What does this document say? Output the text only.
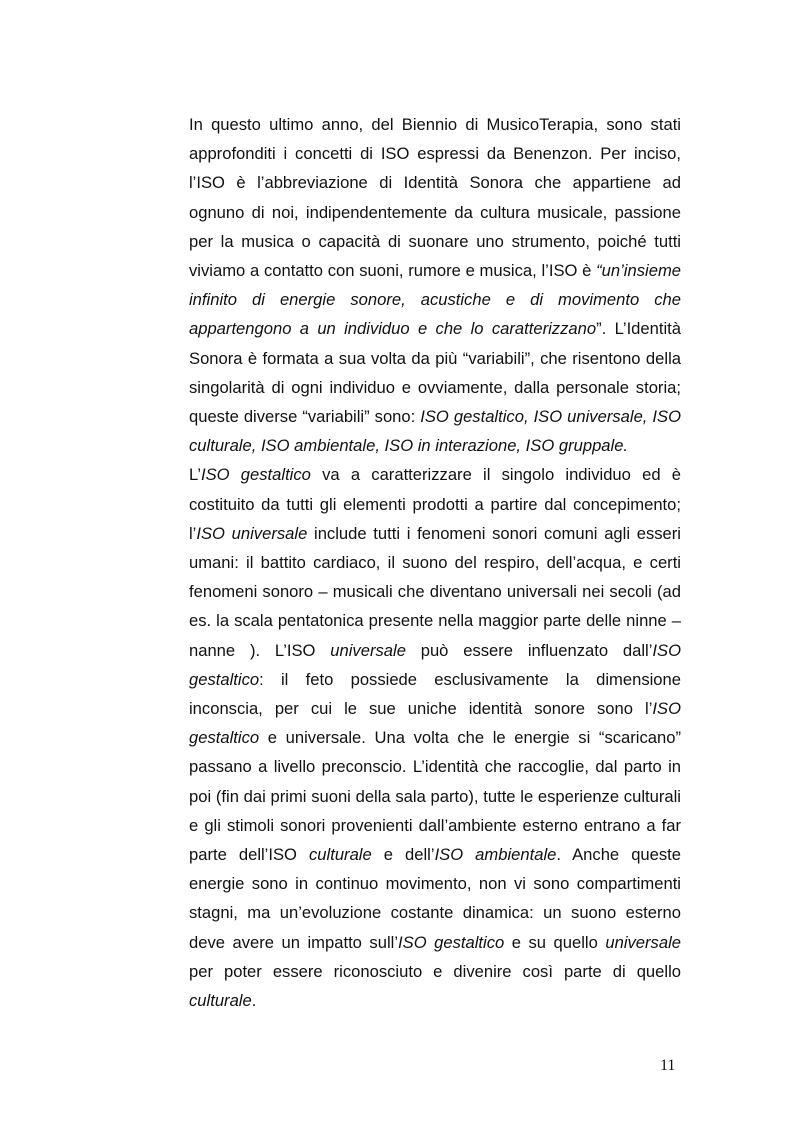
In questo ultimo anno, del Biennio di MusicoTerapia, sono stati approfonditi i concetti di ISO espressi da Benenzon. Per inciso, l’ISO è l’abbreviazione di Identità Sonora che appartiene ad ognuno di noi, indipendentemente da cultura musicale, passione per la musica o capacità di suonare uno strumento, poiché tutti viviamo a contatto con suoni, rumore e musica, l’ISO è “un’insieme infinito di energie sonore, acustiche e di movimento che appartengono a un individuo e che lo caratterizzano”. L’Identità Sonora è formata a sua volta da più “variabili”, che risentono della singolarità di ogni individuo e ovviamente, dalla personale storia; queste diverse “variabili” sono: ISO gestaltico, ISO universale, ISO culturale, ISO ambientale, ISO in interazione, ISO gruppale.

L’ISO gestaltico va a caratterizzare il singolo individuo ed è costituito da tutti gli elementi prodotti a partire dal concepimento; l’ISO universale include tutti i fenomeni sonori comuni agli esseri umani: il battito cardiaco, il suono del respiro, dell’acqua, e certi fenomeni sonoro – musicali che diventano universali nei secoli (ad es. la scala pentatonica presente nella maggior parte delle ninne – nanne ). L’ISO universale può essere influenzato dall’ISO gestaltico: il feto possiede esclusivamente la dimensione inconscia, per cui le sue uniche identità sonore sono l’ISO gestaltico e universale. Una volta che le energie si “scaricano” passano a livello preconscio. L’identità che raccoglie, dal parto in poi (fin dai primi suoni della sala parto), tutte le esperienze culturali e gli stimoli sonori provenienti dall’ambiente esterno entrano a far parte dell’ISO culturale e dell’ISO ambientale. Anche queste energie sono in continuo movimento, non vi sono compartimenti stagni, ma un’evoluzione costante dinamica: un suono esterno deve avere un impatto sull’ISO gestaltico e su quello universale per poter essere riconosciuto e divenire così parte di quello culturale.

11
